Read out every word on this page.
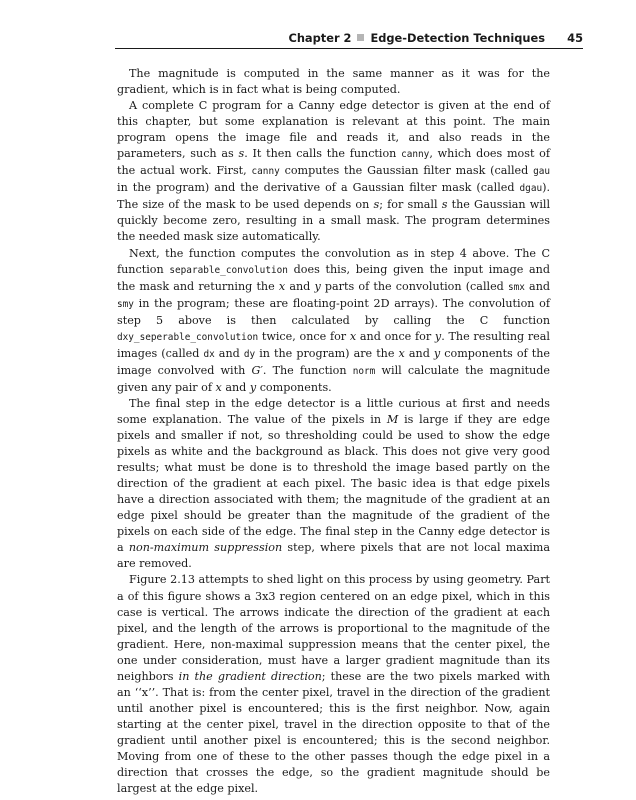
Chapter 2 Edge-Detection Techniques 45

The magnitude is computed in the same manner as it was for the gradient, which is in fact what is being computed.

A complete C program for a Canny edge detector is given at the end of this chapter, but some explanation is relevant at this point. The main program opens the image file and reads it, and also reads in the parameters, such as s. It then calls the function canny, which does most of the actual work. First, canny computes the Gaussian filter mask (called gau in the program) and the derivative of a Gaussian filter mask (called dgau). The size of the mask to be used depends on s; for small s the Gaussian will quickly become zero, resulting in a small mask. The program determines the needed mask size automatically.

Next, the function computes the convolution as in step 4 above. The C function separable_convolution does this, being given the input image and the mask and returning the x and y parts of the convolution (called smx and smy in the program; these are floating-point 2D arrays). The convolution of step 5 above is then calculated by calling the C function dxy_seperable_convolution twice, once for x and once for y. The resulting real images (called dx and dy in the program) are the x and y components of the image convolved with G′. The function norm will calculate the magnitude given any pair of x and y components.

The final step in the edge detector is a little curious at first and needs some explanation. The value of the pixels in M is large if they are edge pixels and smaller if not, so thresholding could be used to show the edge pixels as white and the background as black. This does not give very good results; what must be done is to threshold the image based partly on the direction of the gradient at each pixel. The basic idea is that edge pixels have a direction associated with them; the magnitude of the gradient at an edge pixel should be greater than the magnitude of the gradient of the pixels on each side of the edge. The final step in the Canny edge detector is a non-maximum suppression step, where pixels that are not local maxima are removed.

Figure 2.13 attempts to shed light on this process by using geometry. Part a of this figure shows a 3x3 region centered on an edge pixel, which in this case is vertical. The arrows indicate the direction of the gradient at each pixel, and the length of the arrows is proportional to the magnitude of the gradient. Here, non-maximal suppression means that the center pixel, the one under consideration, must have a larger gradient magnitude than its neighbors in the gradient direction; these are the two pixels marked with an ‘‘x’’. That is: from the center pixel, travel in the direction of the gradient until another pixel is encountered; this is the first neighbor. Now, again starting at the center pixel, travel in the direction opposite to that of the gradient until another pixel is encountered; this is the second neighbor. Moving from one of these to the other passes though the edge pixel in a direction that crosses the edge, so the gradient magnitude should be largest at the edge pixel.
